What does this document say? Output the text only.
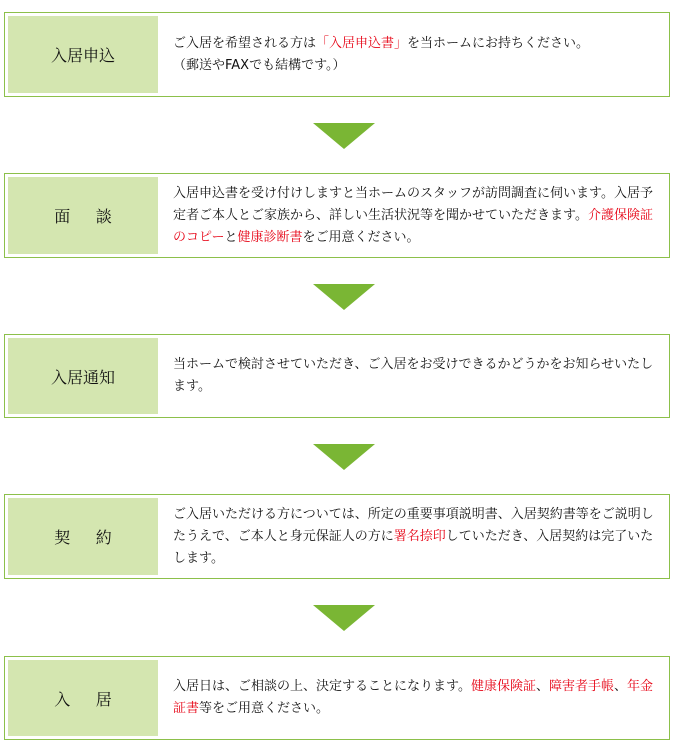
入居申込

ご入居を希望される方は「入居申込書」を当ホームにお持ちください。
（郵送やFAXでも結構です。）

面談

入居申込書を受け付けしますと当ホームのスタッフが訪問調査に伺います。入居予定者ご本人とご家族から、詳しい生活状況等を聞かせていただきます。介護保険証のコピーと健康診断書をご用意ください。

入居通知

当ホームで検討させていただき、ご入居をお受けできるかどうかをお知らせいたします。

契約

ご入居いただける方については、所定の重要事項説明書、入居契約書等をご説明したうえで、ご本人と身元保証人の方に署名捺印していただき、入居契約は完了いたします。

入居

入居日は、ご相談の上、決定することになります。健康保険証、障害者手帳、年金証書等をご用意ください。
